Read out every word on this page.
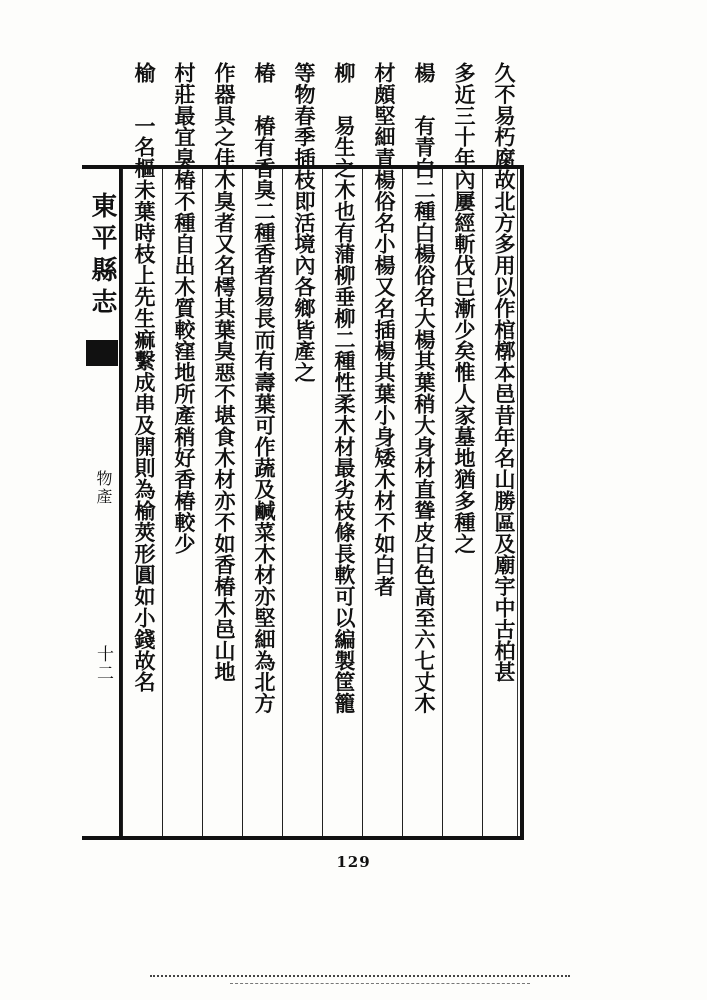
東平縣志
物產
十二	久不易朽腐故北方多用以作棺槨本邑昔年名山勝區及廟宇中古柏甚
多近三十年內屢經斬伐已漸少矣惟人家墓地猶多種之
楊 有青白二種白楊俗名大楊其葉稍大身材直聳皮白色高至六七丈木
材頗堅細青楊俗名小楊又名插楊其葉小身矮木材不如白者
柳 易生之木也有蒲柳垂柳二種性柔木材最劣枝條長軟可以編製筐籠
等物春季插枝即活境內各鄉皆產之
椿 椿有香臭二種香者易長而有壽葉可作蔬及鹹菜木材亦堅細為北方
作器具之佳木臭者又名樗其葉臭惡不堪食木材亦不如香椿木邑山地
村莊最宜臭椿不種自出木質較窪地所產稍好香椿較少
榆 一名樞未葉時枝上先生痲繫成串及開則為榆莢形圓如小錢故名
129
